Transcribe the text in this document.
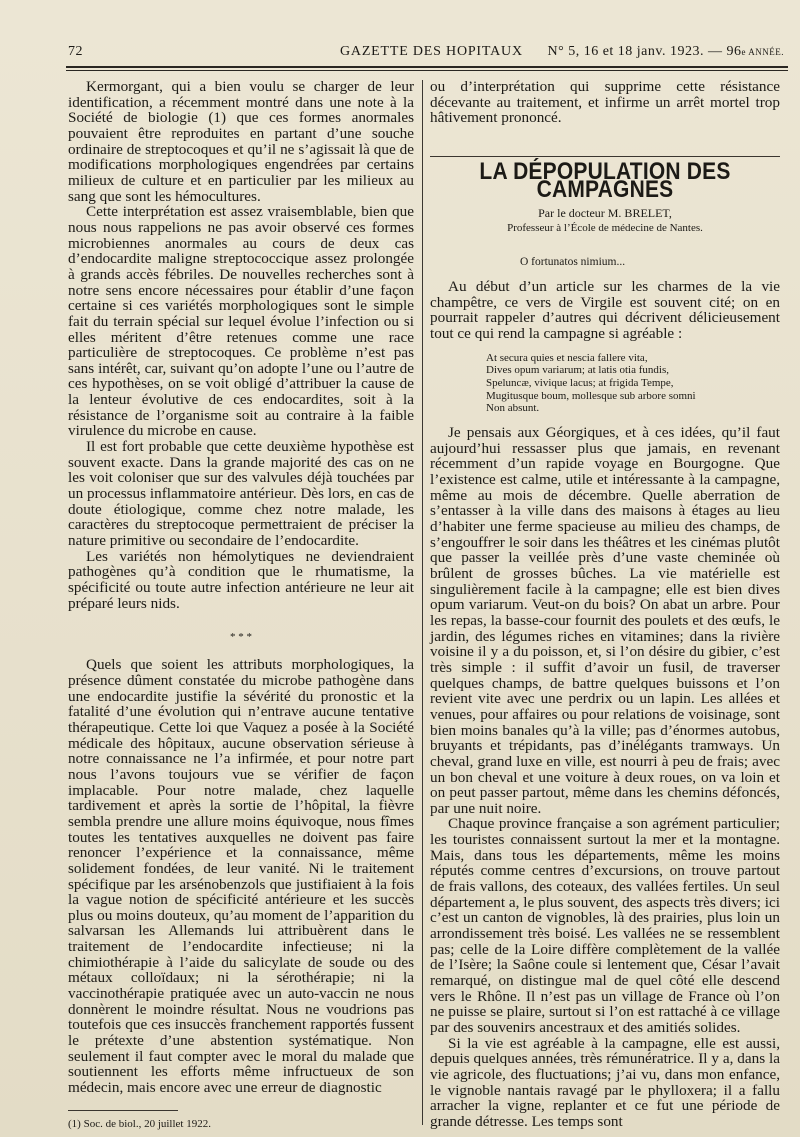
72	GAZETTE DES HOPITAUX N° 5, 16 et 18 janv. 1923. — 96e ANNÉE.

Kermorgant, qui a bien voulu se charger de leur identification, a récemment montré dans une note à la Société de biologie (1) que ces formes anormales pouvaient être reproduites en partant d’une souche ordinaire de streptocoques et qu’il ne s’agissait là que de modifications morphologiques engendrées par certains milieux de culture et en particulier par les milieux au sang que sont les hémocultures.

Cette interprétation est assez vraisemblable, bien que nous nous rappelions ne pas avoir observé ces formes microbiennes anormales au cours de deux cas d’endocardite maligne streptococcique assez prolongée à grands accès fébriles. De nouvelles recherches sont à notre sens encore nécessaires pour établir d’une façon certaine si ces variétés morphologiques sont le simple fait du terrain spécial sur lequel évolue l’infection ou si elles méritent d’être retenues comme une race particulière de streptocoques. Ce problème n’est pas sans intérêt, car, suivant qu’on adopte l’une ou l’autre de ces hypothèses, on se voit obligé d’attribuer la cause de la lenteur évolutive de ces endocardites, soit à la résistance de l’organisme soit au contraire à la faible virulence du microbe en cause.

Il est fort probable que cette deuxième hypothèse est souvent exacte. Dans la grande majorité des cas on ne les voit coloniser que sur des valvules déjà touchées par un processus inflammatoire antérieur. Dès lors, en cas de doute étiologique, comme chez notre malade, les caractères du streptocoque permettraient de préciser la nature primitive ou secondaire de l’endocardite.

Les variétés non hémolytiques ne deviendraient pathogènes qu’à condition que le rhumatisme, la spécificité ou toute autre infection antérieure ne leur ait préparé leurs nids.

* * *

Quels que soient les attributs morphologiques, la présence dûment constatée du microbe pathogène dans une endocardite justifie la sévérité du pronostic et la fatalité d’une évolution qui n’entrave aucune tentative thérapeutique. Cette loi que Vaquez a posée à la Société médicale des hôpitaux, aucune observation sérieuse à notre connaissance ne l’a infirmée, et pour notre part nous l’avons toujours vue se vérifier de façon implacable. Pour notre malade, chez laquelle tardivement et après la sortie de l’hôpital, la fièvre sembla prendre une allure moins équivoque, nous fîmes toutes les tentatives auxquelles ne doivent pas faire renoncer l’expérience et la connaissance, même solidement fondées, de leur vanité. Ni le traitement spécifique par les arsénobenzols que justifiaient à la fois la vague notion de spécificité antérieure et les succès plus ou moins douteux, qu’au moment de l’apparition du salvarsan les Allemands lui attribuèrent dans le traitement de l’endocardite infectieuse; ni la chimiothérapie à l’aide du salicylate de soude ou des métaux colloïdaux; ni la sérothérapie; ni la vaccinothérapie pratiquée avec un auto-vaccin ne nous donnèrent le moindre résultat. Nous ne voudrions pas toutefois que ces insuccès franchement rapportés fussent le prétexte d’une abstention systématique. Non seulement il faut compter avec le moral du malade que soutiennent les efforts même infructueux de son médecin, mais encore avec une erreur de diagnostic

(1) Soc. de biol., 20 juillet 1922.

ou d’interprétation qui supprime cette résistance décevante au traitement, et infirme un arrêt mortel trop hâtivement prononcé.

LA DÉPOPULATION DES CAMPAGNES
Par le docteur M. BRELET,
Professeur à l’École de médecine de Nantes.
O fortunatos nimium...

Au début d’un article sur les charmes de la vie champêtre, ce vers de Virgile est souvent cité; on en pourrait rappeler d’autres qui décrivent délicieusement tout ce qui rend la campagne si agréable :

At secura quies et nescia fallere vita,
Dives opum variarum; at latis otia fundis,
Speluncæ, vivique lacus; at frigida Tempe,
Mugitusque boum, mollesque sub arbore somni
Non absunt.

Je pensais aux Géorgiques, et à ces idées, qu’il faut aujourd’hui ressasser plus que jamais, en revenant récemment d’un rapide voyage en Bourgogne. Que l’existence est calme, utile et intéressante à la campagne, même au mois de décembre. Quelle aberration de s’entasser à la ville dans des maisons à étages au lieu d’habiter une ferme spacieuse au milieu des champs, de s’engouffrer le soir dans les théâtres et les cinémas plutôt que passer la veillée près d’une vaste cheminée où brûlent de grosses bûches. La vie matérielle est singulièrement facile à la campagne; elle est bien dives opum variarum. Veut-on du bois? On abat un arbre. Pour les repas, la basse-cour fournit des poulets et des œufs, le jardin, des légumes riches en vitamines; dans la rivière voisine il y a du poisson, et, si l’on désire du gibier, c’est très simple : il suffit d’avoir un fusil, de traverser quelques champs, de battre quelques buissons et l’on revient vite avec une perdrix ou un lapin. Les allées et venues, pour affaires ou pour relations de voisinage, sont bien moins banales qu’à la ville; pas d’énormes autobus, bruyants et trépidants, pas d’inélégants tramways. Un cheval, grand luxe en ville, est nourri à peu de frais; avec un bon cheval et une voiture à deux roues, on va loin et on peut passer partout, même dans les chemins défoncés, par une nuit noire.

Chaque province française a son agrément particulier; les touristes connaissent surtout la mer et la montagne. Mais, dans tous les départements, même les moins réputés comme centres d’excursions, on trouve partout de frais vallons, des coteaux, des vallées fertiles. Un seul département a, le plus souvent, des aspects très divers; ici c’est un canton de vignobles, là des prairies, plus loin un arrondissement très boisé. Les vallées ne se ressemblent pas; celle de la Loire diffère complètement de la vallée de l’Isère; la Saône coule si lentement que, César l’avait remarqué, on distingue mal de quel côté elle descend vers le Rhône. Il n’est pas un village de France où l’on ne puisse se plaire, surtout si l’on est rattaché à ce village par des souvenirs ancestraux et des amitiés solides.

Si la vie est agréable à la campagne, elle est aussi, depuis quelques années, très rémunératrice. Il y a, dans la vie agricole, des fluctuations; j’ai vu, dans mon enfance, le vignoble nantais ravagé par le phylloxera; il a fallu arracher la vigne, replanter et ce fut une période de grande détresse. Les temps sont
